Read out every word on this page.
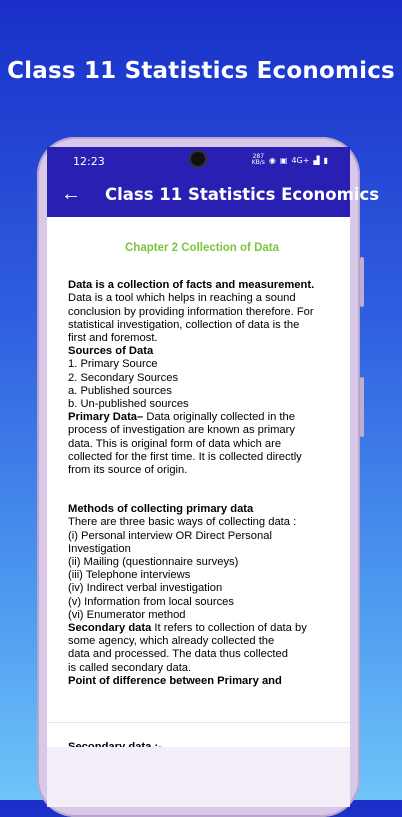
Class 11 Statistics Economics
12:23	287
KB/s ◉ ▣ 4G+ ▟ ▮
← Class 11 Statistics Economics
Chapter 2 Collection of Data

Data is a collection of facts and measurement.

Data is a tool which helps in reaching a sound

conclusion by providing information therefore. For

statistical investigation, collection of data is the

first and foremost.

Sources of Data

1. Primary Source

2. Secondary Sources

a. Published sources

b. Un-published sources

Primary Data– Data originally collected in the

process of investigation are known as primary

data. This is original form of data which are

collected for the first time. It is collected directly

from its source of origin.

Methods of collecting primary data

There are three basic ways of collecting data :

(i) Personal interview OR Direct Personal

Investigation

(ii) Mailing (questionnaire surveys)

(iii) Telephone interviews

(iv) Indirect verbal investigation

(v) Information from local sources

(vi) Enumerator method

Secondary data It refers to collection of data by

some agency, which already collected the

data and processed. The data thus collected

is called secondary data.

Point of difference between Primary and
